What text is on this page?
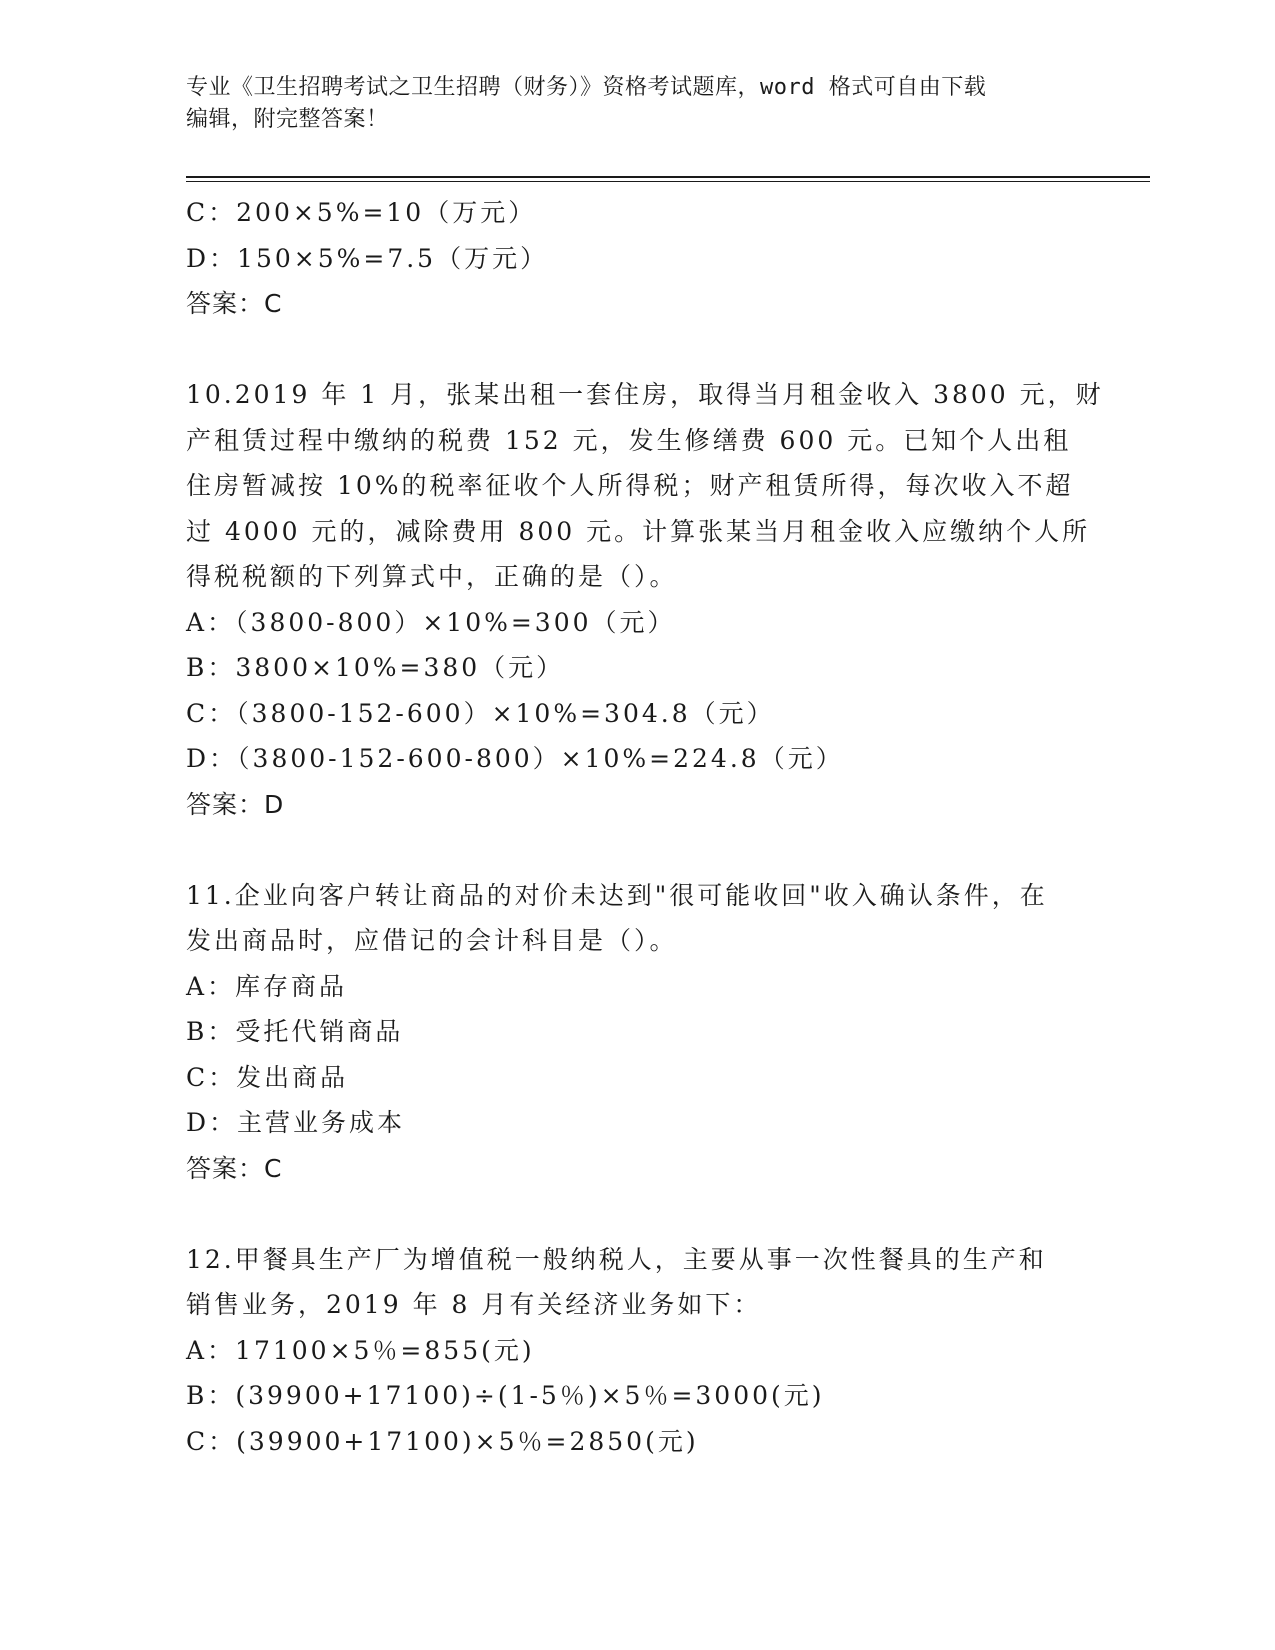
专业《卫生招聘考试之卫生招聘（财务）》资格考试题库，word 格式可自由下载
编辑，附完整答案！
C：200×5%=10（万元）
D：150×5%=7.5（万元）
答案：C
10.2019 年 1 月，张某出租一套住房，取得当月租金收入 3800 元，财
产租赁过程中缴纳的税费 152 元，发生修缮费 600 元。已知个人出租
住房暂减按 10%的税率征收个人所得税；财产租赁所得，每次收入不超
过 4000 元的，减除费用 800 元。计算张某当月租金收入应缴纳个人所
得税税额的下列算式中，正确的是（）。
A：（3800-800）×10%=300（元）
B：3800×10%=380（元）
C：（3800-152-600）×10%=304.8（元）
D：（3800-152-600-800）×10%=224.8（元）
答案：D
11.企业向客户转让商品的对价未达到"很可能收回"收入确认条件，在
发出商品时，应借记的会计科目是（）。
A：库存商品
B：受托代销商品
C：发出商品
D：主营业务成本
答案：C
12.甲餐具生产厂为增值税一般纳税人，主要从事一次性餐具的生产和
销售业务，2019 年 8 月有关经济业务如下：
A：17100×5％=855(元)
B：(39900+17100)÷(1-5％)×5％=3000(元)
C：(39900+17100)×5％=2850(元)
